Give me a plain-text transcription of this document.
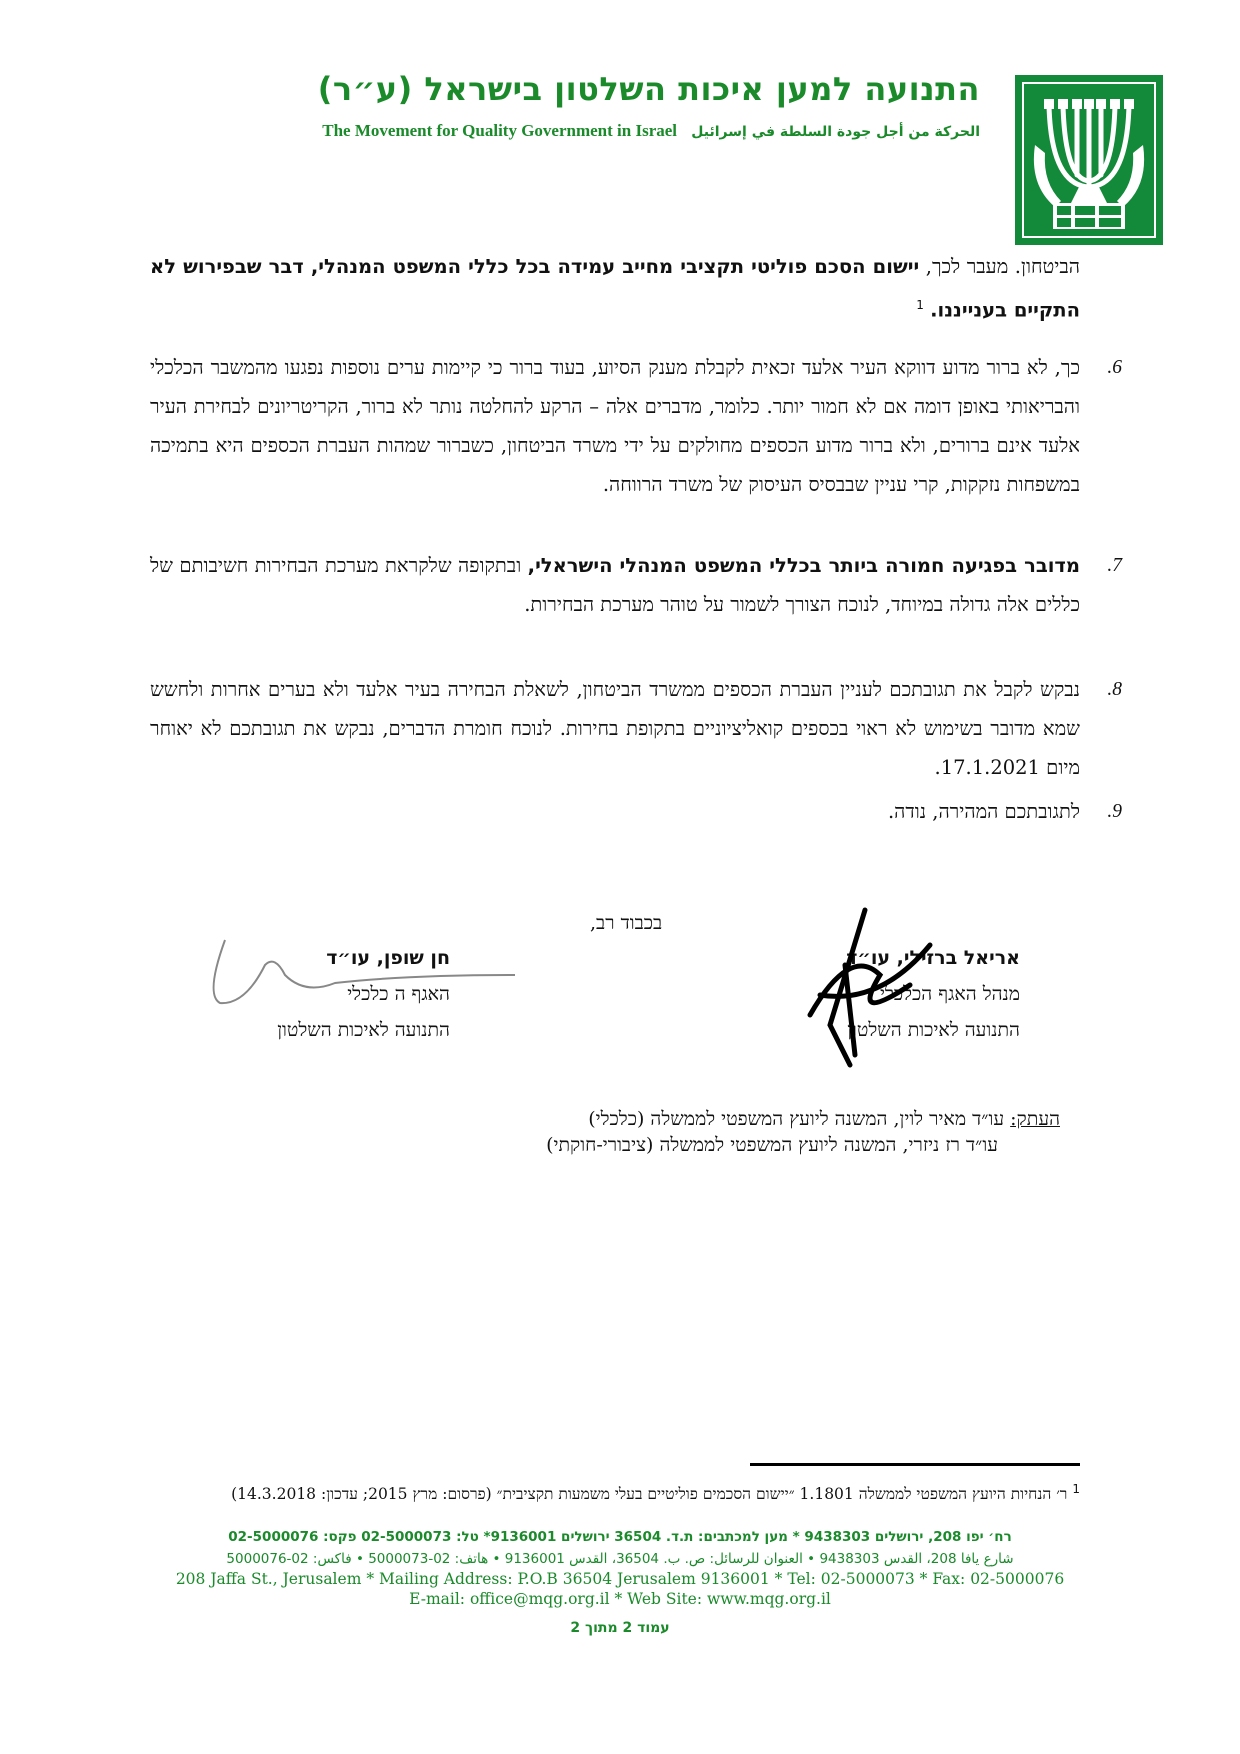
התנועה למען איכות השלטון בישראל (ע״ר)
The Movement for Quality Government in Israel الحركة من أجل جودة السلطة في إسرائيل
הביטחון. מעבר לכך, יישום הסכם פוליטי תקציבי מחייב עמידה בכל כללי המשפט המנהלי, דבר שבפירוש לא התקיים בענייננו. $^1$
6.
כך, לא ברור מדוע דווקא העיר אלעד זכאית לקבלת מענק הסיוע, בעוד ברור כי קיימות ערים נוספות נפגעו מהמשבר הכלכלי והבריאותי באופן דומה אם לא חמור יותר. כלומר, מדברים אלה – הרקע להחלטה נותר לא ברור, הקריטריונים לבחירת העיר אלעד אינם ברורים, ולא ברור מדוע הכספים מחולקים על ידי משרד הביטחון, כשברור שמהות העברת הכספים היא בתמיכה במשפחות נזקקות, קרי עניין שבבסיס העיסוק של משרד הרווחה.
7.
מדובר בפגיעה חמורה ביותר בכללי המשפט המנהלי הישראלי, ובתקופה שלקראת מערכת הבחירות חשיבותם של כללים אלה גדולה במיוחד, לנוכח הצורך לשמור על טוהר מערכת הבחירות.
8.
נבקש לקבל את תגובתכם לעניין העברת הכספים ממשרד הביטחון, לשאלת הבחירה בעיר אלעד ולא בערים אחרות ולחשש שמא מדובר בשימוש לא ראוי בכספים קואליציוניים בתקופת בחירות. לנוכח חומרת הדברים, נבקש את תגובתכם לא יאוחר מיום 17.1.2021.
9.
לתגובתכם המהירה, נודה.
בכבוד רב,
אריאל ברזילי, עו״ד
מנהל האגף הכלכלי
התנועה לאיכות השלטון
חן שופן, עו״ד
האגף ה כלכלי
התנועה לאיכות השלטון
העתק: עו״ד מאיר לוין, המשנה ליועץ המשפטי לממשלה (כלכלי)
עו״ד רז ניזרי, המשנה ליועץ המשפטי לממשלה (ציבורי-חוקתי)
$^1$ ר׳ הנחיות היועץ המשפטי לממשלה 1.1801 ״יישום הסכמים פוליטיים בעלי משמעות תקציבית״ (פרסום: מרץ 2015; עדכון: 14.3.2018)
רח׳ יפו 208, ירושלים 9438303 * מען למכתבים: ת.ד. 36504 ירושלים 9136001* טל: 02-5000073 פקס: 02-5000076
شارع يافا 208، القدس 9438303 • العنوان للرسائل: ص. ب. 36504، القدس 9136001 • هاتف: 02-5000073 • فاكس: 02-5000076
208 Jaffa St., Jerusalem * Mailing Address: P.O.B 36504 Jerusalem 9136001 * Tel: 02-5000073 * Fax: 02-5000076
E-mail: office@mqg.org.il * Web Site: www.mqg.org.il
עמוד 2 מתוך 2
